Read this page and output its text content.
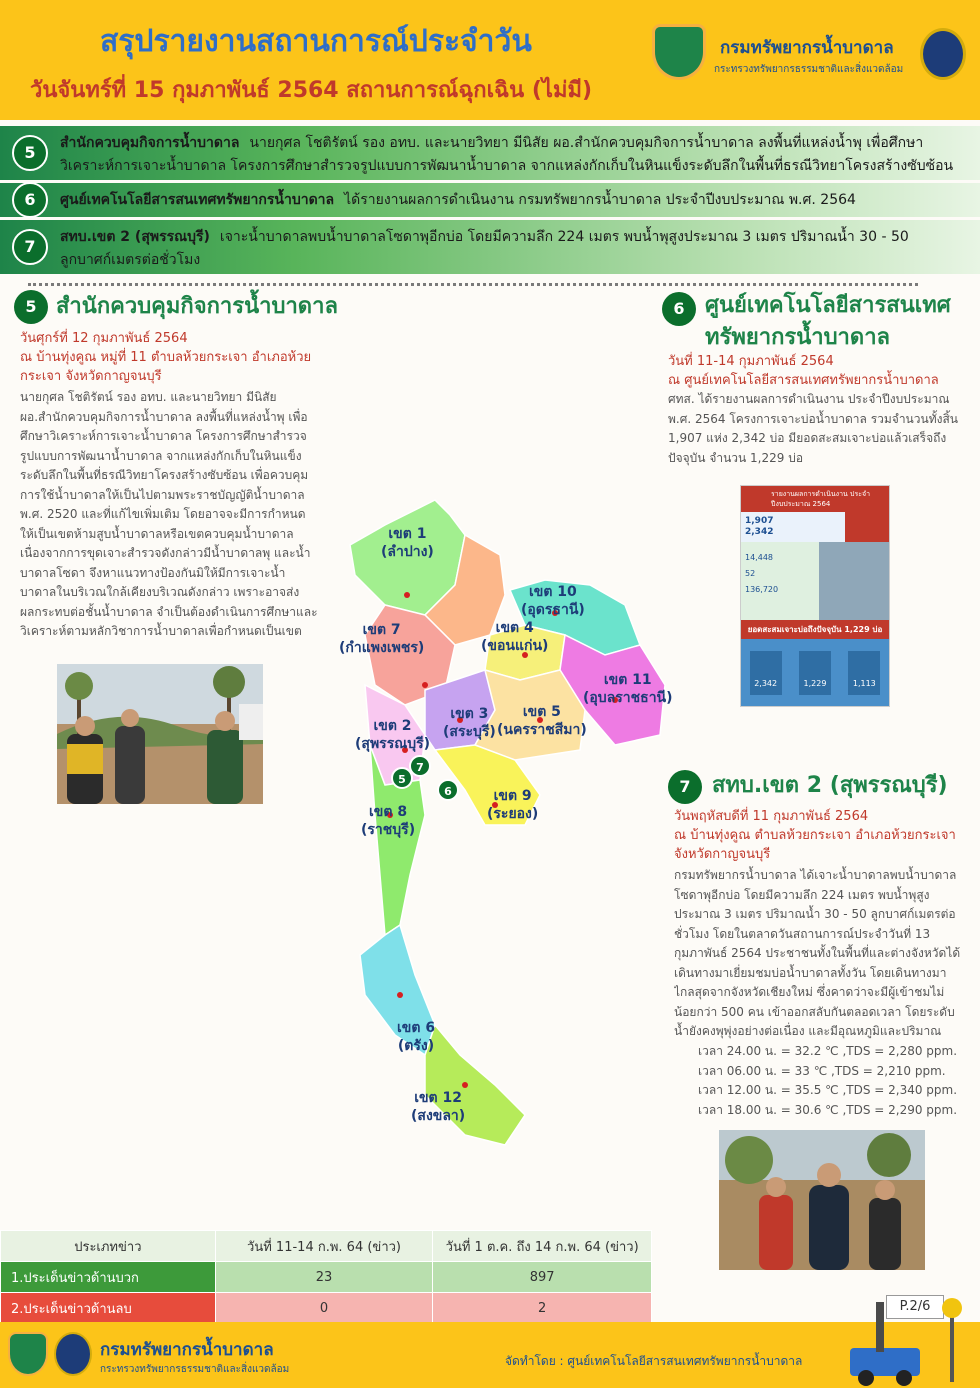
สรุปรายงานสถานการณ์ประจำวัน
วันจันทร์ที่ 15 กุมภาพันธ์ 2564 สถานการณ์ฉุกเฉิน (ไม่มี)
กรมทรัพยากรน้ำบาดาล
กระทรวงทรัพยากรธรรมชาติและสิ่งแวดล้อม
5	สำนักควบคุมกิจการน้ำบาดาล นายกุศล โชติรัตน์ รอง อทบ. และนายวิทยา มีนิสัย ผอ.สำนักควบคุมกิจการน้ำบาดาล ลงพื้นที่แหล่งน้ำพุ เพื่อศึกษาวิเคราะห์การเจาะน้ำบาดาล โครงการศึกษาสำรวจรูปแบบการพัฒนาน้ำบาดาล จากแหล่งกักเก็บในหินแข็งระดับลึกในพื้นที่ธรณีวิทยาโครงสร้างซับซ้อน
6	ศูนย์เทคโนโลยีสารสนเทศทรัพยากรน้ำบาดาล ได้รายงานผลการดำเนินงาน กรมทรัพยากรน้ำบาดาล ประจำปีงบประมาณ พ.ศ. 2564
7	สทบ.เขต 2 (สุพรรณบุรี) เจาะน้ำบาดาลพบน้ำบาดาลโซดาพุอีกบ่อ โดยมีความลึก 224 เมตร พบน้ำพุสูงประมาณ 3 เมตร ปริมาณน้ำ 30 - 50 ลูกบาศก์เมตรต่อชั่วโมง
5 สำนักควบคุมกิจการน้ำบาดาล
วันศุกร์ที่ 12 กุมภาพันธ์ 2564
ณ บ้านทุ่งคูณ หมู่ที่ 11 ตำบลห้วยกระเจา อำเภอห้วยกระเจา จังหวัดกาญจนบุรี
นายกุศล โชติรัตน์ รอง อทบ. และนายวิทยา มีนิสัย ผอ.สำนักควบคุมกิจการน้ำบาดาล ลงพื้นที่แหล่งน้ำพุ เพื่อศึกษาวิเคราะห์การเจาะน้ำบาดาล โครงการศึกษาสำรวจรูปแบบการพัฒนาน้ำบาดาล จากแหล่งกักเก็บในหินแข็งระดับลึกในพื้นที่ธรณีวิทยาโครงสร้างซับซ้อน เพื่อควบคุมการใช้น้ำบาดาลให้เป็นไปตามพระราชบัญญัติน้ำบาดาล พ.ศ. 2520 และที่แก้ไขเพิ่มเติม โดยอาจจะมีการกำหนดให้เป็นเขตห้ามสูบน้ำบาดาลหรือเขตควบคุมน้ำบาดาล เนื่องจากการขุดเจาะสำรวจดังกล่าวมีน้ำบาดาลพุ และน้ำบาดาลโซดา จึงหาแนวทางป้องกันมิให้มีการเจาะน้ำบาดาลในบริเวณใกล้เคียงบริเวณดังกล่าว เพราะอาจส่งผลกระทบต่อชั้นน้ำบาดาล จำเป็นต้องดำเนินการศึกษาและวิเคราะห์ตามหลักวิชาการน้ำบาดาลเพื่อกำหนดเป็นเขต
6 ศูนย์เทคโนโลยีสารสนเทศ
ทรัพยากรน้ำบาดาล
วันที่ 11-14 กุมภาพันธ์ 2564
ณ ศูนย์เทคโนโลยีสารสนเทศทรัพยากรน้ำบาดาล
ศทส. ได้รายงานผลการดำเนินงาน ประจำปีงบประมาณ พ.ศ. 2564 โครงการเจาะบ่อน้ำบาดาล รวมจำนวนทั้งสิ้น 1,907 แห่ง 2,342 บ่อ มียอดสะสมเจาะบ่อแล้วเสร็จถึงปัจจุบัน จำนวน 1,229 บ่อ
รายงานผลการดำเนินงาน ประจำปีงบประมาณ 2564
1,907
2,342
14,448
52
136,720
ยอดสะสมเจาะบ่อถึงปัจจุบัน 1,229 บ่อ
2,342	1,229	1,113
7 สทบ.เขต 2 (สุพรรณบุรี)
วันพฤหัสบดีที่ 11 กุมภาพันธ์ 2564
ณ บ้านทุ่งคูณ ตำบลห้วยกระเจา อำเภอห้วยกระเจา จังหวัดกาญจนบุรี
กรมทรัพยากรน้ำบาดาล ได้เจาะน้ำบาดาลพบน้ำบาดาลโซดาพุอีกบ่อ โดยมีความลึก 224 เมตร พบน้ำพุสูงประมาณ 3 เมตร ปริมาณน้ำ 30 - 50 ลูกบาศก์เมตรต่อชั่วโมง โดยในตลาดวันสถานการณ์ประจำวันที่ 13 กุมภาพันธ์ 2564 ประชาชนทั้งในพื้นที่และต่างจังหวัดได้เดินทางมาเยี่ยมชมบ่อน้ำบาดาลทั้งวัน โดยเดินทางมาไกลสุดจากจังหวัดเชียงใหม่ ซึ่งคาดว่าจะมีผู้เข้าชมไม่น้อยกว่า 500 คน เข้าออกสลับกันตลอดเวลา โดยระดับน้ำยังคงพุพุ่งอย่างต่อเนื่อง และมีอุณหภูมิและปริมาณ
เวลา 24.00 น. = 32.2 ℃ ,TDS = 2,280 ppm.
เวลา 06.00 น. = 33 ℃ ,TDS = 2,210 ppm.
เวลา 12.00 น. = 35.5 ℃ ,TDS = 2,340 ppm.
เวลา 18.00 น. = 30.6 ℃ ,TDS = 2,290 ppm.
เขต 1
(ลำปาง)
เขต 10
(อุดรธานี)
เขต 7
(กำแพงเพชร)
เขต 4
(ขอนแก่น)
เขต 11
(อุบลราชธานี)
เขต 2
(สุพรรณบุรี)
เขต 3
(สระบุรี)
เขต 5
(นครราชสีมา)
เขต 8
(ราชบุรี)
เขต 9
(ระยอง)
เขต 6
(ตรัง)
เขต 12
(สงขลา)
7
5
6
ประเภทข่าว	วันที่ 11-14 ก.พ. 64 (ข่าว)	วันที่ 1 ต.ค. ถึง 14 ก.พ. 64 (ข่าว)
1.ประเด็นข่าวด้านบวก	23	897
2.ประเด็นข่าวด้านลบ	0	2	P.2/6
กรมทรัพยากรน้ำบาดาล
กระทรวงทรัพยากรธรรมชาติและสิ่งแวดล้อม
จัดทำโดย : ศูนย์เทคโนโลยีสารสนเทศทรัพยากรน้ำบาดาล
